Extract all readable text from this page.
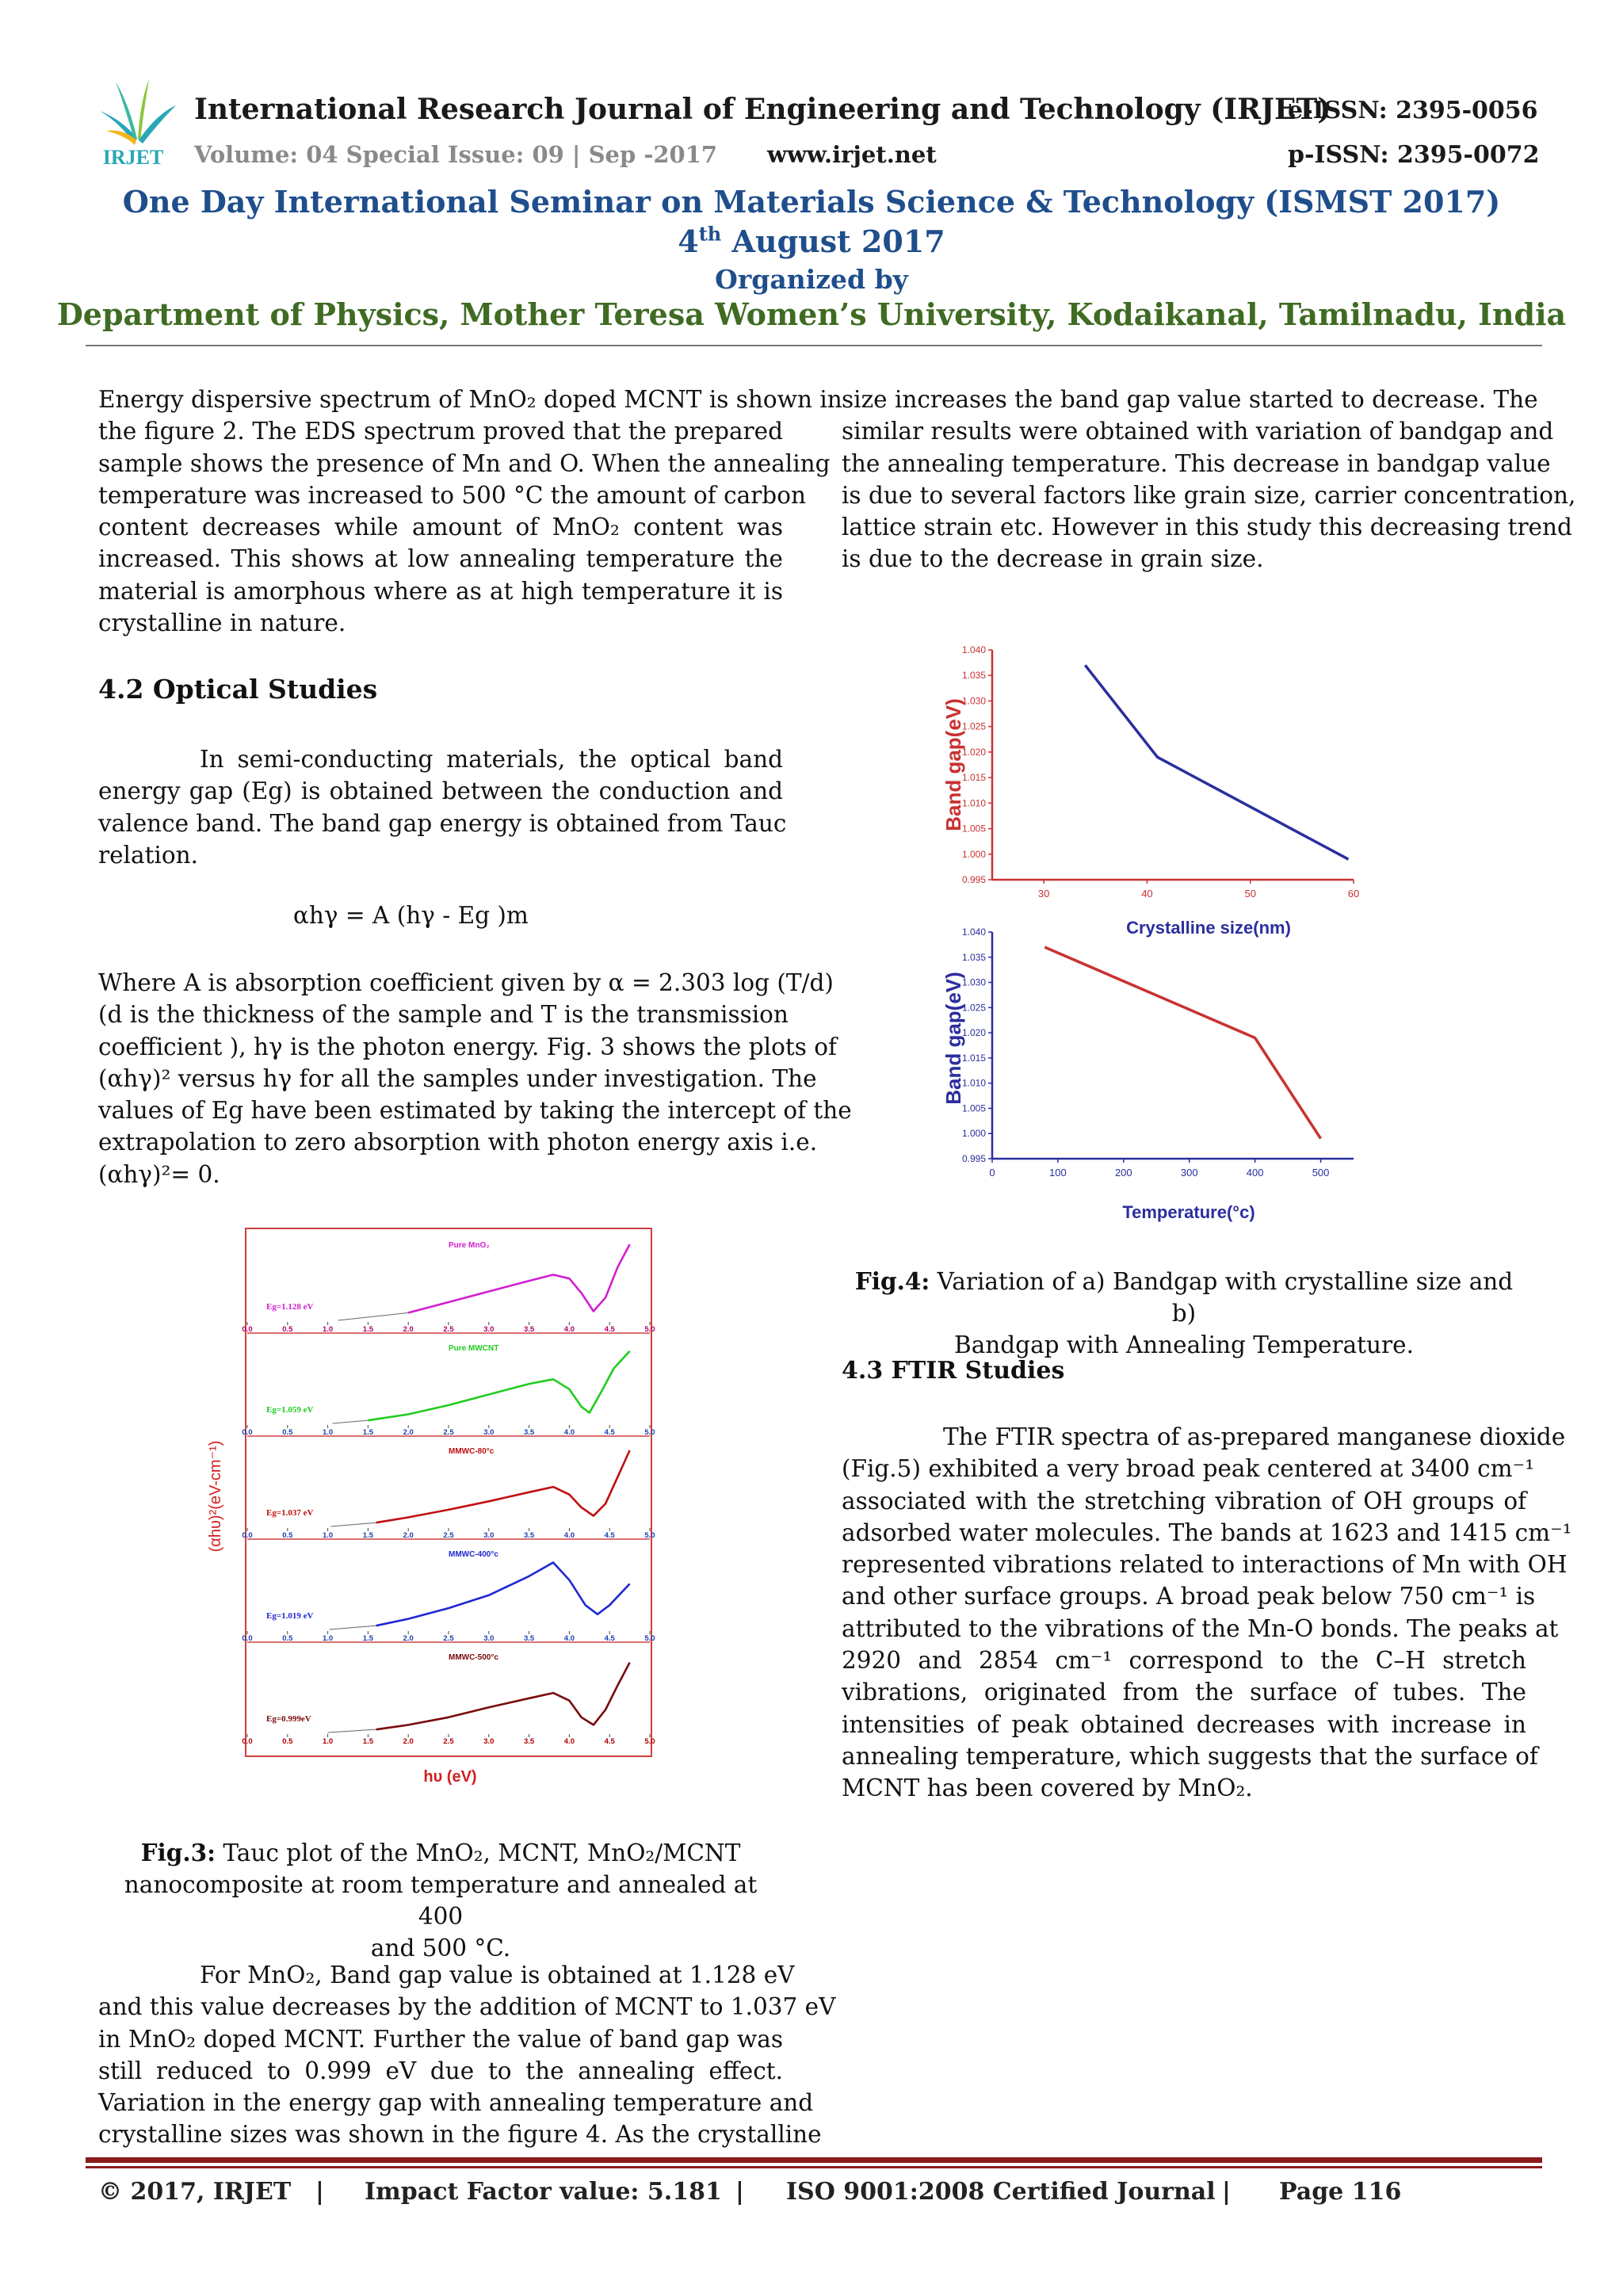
IRJET
International Research Journal of Engineering and Technology (IRJET)
e-ISSN: 2395-0056
Volume: 04 Special Issue: 09 | Sep -2017 www.irjet.net	p-ISSN: 2395-0072
One Day International Seminar on Materials Science & Technology (ISMST 2017)
4th August 2017
Organized by
Department of Physics, Mother Teresa Women’s University, Kodaikanal, Tamilnadu, India
Energy dispersive spectrum of MnO₂ doped MCNT is shown in
the figure 2. The EDS spectrum proved that the prepared
sample shows the presence of Mn and O. When the annealing
temperature was increased to 500 °C the amount of carbon
content decreases while amount of MnO₂ content was
increased. This shows at low annealing temperature the
material is amorphous where as at high temperature it is
crystalline in nature.
4.2 Optical Studies
In semi-conducting materials, the optical band
energy gap (Eg) is obtained between the conduction and
valence band. The band gap energy is obtained from Tauc
relation.
αhγ = A (hγ - Eg )m
Where A is absorption coefficient given by α = 2.303 log (T/d)
(d is the thickness of the sample and T is the transmission
coefficient ), hγ is the photon energy. Fig. 3 shows the plots of
(αhγ)² versus hγ for all the samples under investigation. The
values of Eg have been estimated by taking the intercept of the
extrapolation to zero absorption with photon energy axis i.e.
(αhγ)²= 0.
0.0	0.5	1.0	1.5	2.0	2.5	3.0	3.5	4.0	4.5	5.0
Eg=1.128 eV
Pure MnO₂
0.0	0.5	1.0	1.5	2.0	2.5	3.0	3.5	4.0	4.5	5.0
Eg=1.059 eV
Pure MWCNT
0.0	0.5	1.0	1.5	2.0	2.5	3.0	3.5	4.0	4.5	5.0
Eg=1.037 eV
MMWC-80°c
0.0	0.5	1.0	1.5	2.0	2.5	3.0	3.5	4.0	4.5	5.0
Eg=1.019 eV
MMWC-400°c
0.0	0.5	1.0	1.5	2.0	2.5	3.0	3.5	4.0	4.5	5.0
Eg=0.999eV
MMWC-500°c
(αhυ)²(eV-cm⁻¹)
hυ (eV)
Fig.3: Tauc plot of the MnO₂, MCNT, MnO₂/MCNT
nanocomposite at room temperature and annealed at 400
and 500 °C.
For MnO₂, Band gap value is obtained at 1.128 eV
and this value decreases by the addition of MCNT to 1.037 eV
in MnO₂ doped MCNT. Further the value of band gap was
still reduced to 0.999 eV due to the annealing effect.
Variation in the energy gap with annealing temperature and
crystalline sizes was shown in the figure 4. As the crystalline
size increases the band gap value started to decrease. The
similar results were obtained with variation of bandgap and
the annealing temperature. This decrease in bandgap value
is due to several factors like grain size, carrier concentration,
lattice strain etc. However in this study this decreasing trend
is due to the decrease in grain size.
0.995
1.000
1.005
1.010
1.015
1.020
1.025
1.030
1.035
1.040
30	40	50	60
Band gap(eV)
Crystalline size(nm)
0.995
1.000
1.005
1.010
1.015
1.020
1.025
1.030
1.035
1.040
0	100	200	300	400	500
Band gap(eV)
Temperature(°c)
Fig.4: Variation of a) Bandgap with crystalline size and b)
Bandgap with Annealing Temperature.
4.3 FTIR Studies
The FTIR spectra of as-prepared manganese dioxide
(Fig.5) exhibited a very broad peak centered at 3400 cm⁻¹
associated with the stretching vibration of OH groups of
adsorbed water molecules. The bands at 1623 and 1415 cm⁻¹
represented vibrations related to interactions of Mn with OH
and other surface groups. A broad peak below 750 cm⁻¹ is
attributed to the vibrations of the Mn-O bonds. The peaks at
2920 and 2854 cm⁻¹ correspond to the C–H stretch
vibrations, originated from the surface of tubes. The
intensities of peak obtained decreases with increase in
annealing temperature, which suggests that the surface of
MCNT has been covered by MnO₂.
© 2017, IRJET | Impact Factor value: 5.181 | ISO 9001:2008 Certified Journal | Page 116
